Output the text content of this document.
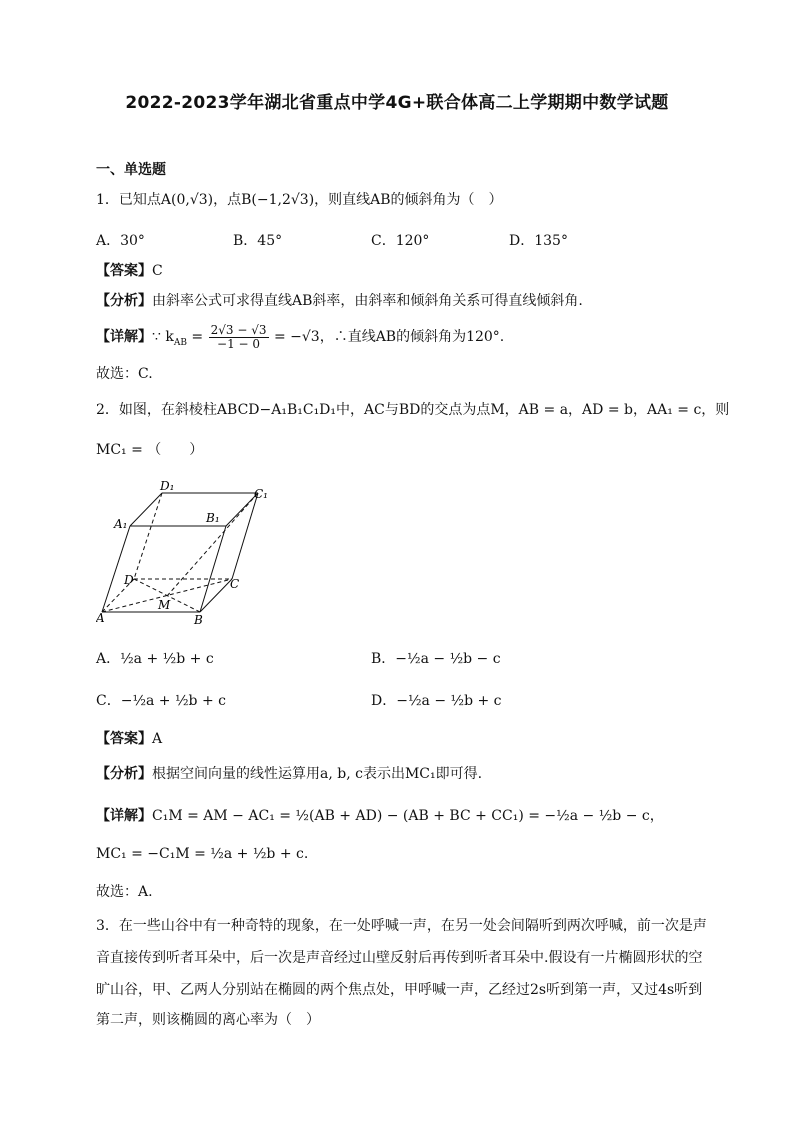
2022-2023学年湖北省重点中学4G+联合体高二上学期期中数学试题
一、单选题
1．已知点A(0,√3)，点B(−1,2√3)，则直线AB的倾斜角为（　）
A．30°	B．45°	C．120°	D．135°
【答案】C
【分析】由斜率公式可求得直线AB斜率，由斜率和倾斜角关系可得直线倾斜角.
【详解】∵ $k_{AB} = \frac{2√3 - √3}{-1 - 0} = -√3$，∴直线AB的倾斜角为120°.
故选：C.
2．如图，在斜棱柱ABCD−A₁B₁C₁D₁中，AC与BD的交点为点M，AB = a，AD = b，AA₁ = c，则
MC₁ = （　　）
D₁
C₁
A₁	B₁
D	C
M
A	B
A．½a + ½b + c	B．−½a − ½b − c
C．−½a + ½b + c	D．−½a − ½b + c
【答案】A
【分析】根据空间向量的线性运算用a, b, c表示出MC₁即可得.
【详解】C₁M = AM − AC₁ = ½(AB + AD) − (AB + BC + CC₁) = −½a − ½b − c，
MC₁ = −C₁M = ½a + ½b + c.
故选：A.
3．在一些山谷中有一种奇特的现象，在一处呼喊一声，在另一处会间隔听到两次呼喊，前一次是声
音直接传到听者耳朵中，后一次是声音经过山壁反射后再传到听者耳朵中.假设有一片椭圆形状的空
旷山谷，甲、乙两人分别站在椭圆的两个焦点处，甲呼喊一声，乙经过2s听到第一声，又过4s听到
第二声，则该椭圆的离心率为（　）
